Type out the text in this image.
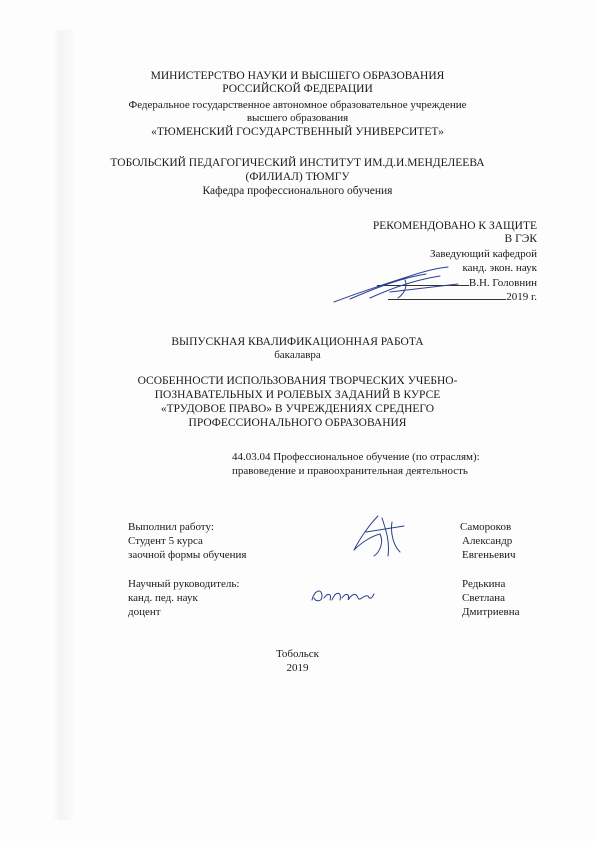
МИНИСТЕРСТВО НАУКИ И ВЫСШЕГО ОБРАЗОВАНИЯ
РОССИЙСКОЙ ФЕДЕРАЦИИ
Федеральное государственное автономное образовательное учреждение
высшего образования
«ТЮМЕНСКИЙ ГОСУДАРСТВЕННЫЙ УНИВЕРСИТЕТ»
ТОБОЛЬСКИЙ ПЕДАГОГИЧЕСКИЙ ИНСТИТУТ ИМ.Д.И.МЕНДЕЛЕЕВА
(ФИЛИАЛ) ТЮМГУ
Кафедра профессионального обучения
РЕКОМЕНДОВАНО К ЗАЩИТЕ
В ГЭК
Заведующий кафедрой
канд. экон. наук
В.Н. Головнин
2019 г.
ВЫПУСКНАЯ КВАЛИФИКАЦИОННАЯ РАБОТА
бакалавра
ОСОБЕННОСТИ ИСПОЛЬЗОВАНИЯ ТВОРЧЕСКИХ УЧЕБНО-
ПОЗНАВАТЕЛЬНЫХ И РОЛЕВЫХ ЗАДАНИЙ В КУРСЕ
«ТРУДОВОЕ ПРАВО» В УЧРЕЖДЕНИЯХ СРЕДНЕГО
ПРОФЕССИОНАЛЬНОГО ОБРАЗОВАНИЯ
44.03.04 Профессиональное обучение (по отраслям):
правоведение и правоохранительная деятельность
Выполнил работу:
Студент 5 курса
заочной формы обучения
Самороков
Александр
Евгеньевич
Научный руководитель:
канд. пед. наук
доцент
Редькина
Светлана
Дмитриевна
Тобольск
2019
